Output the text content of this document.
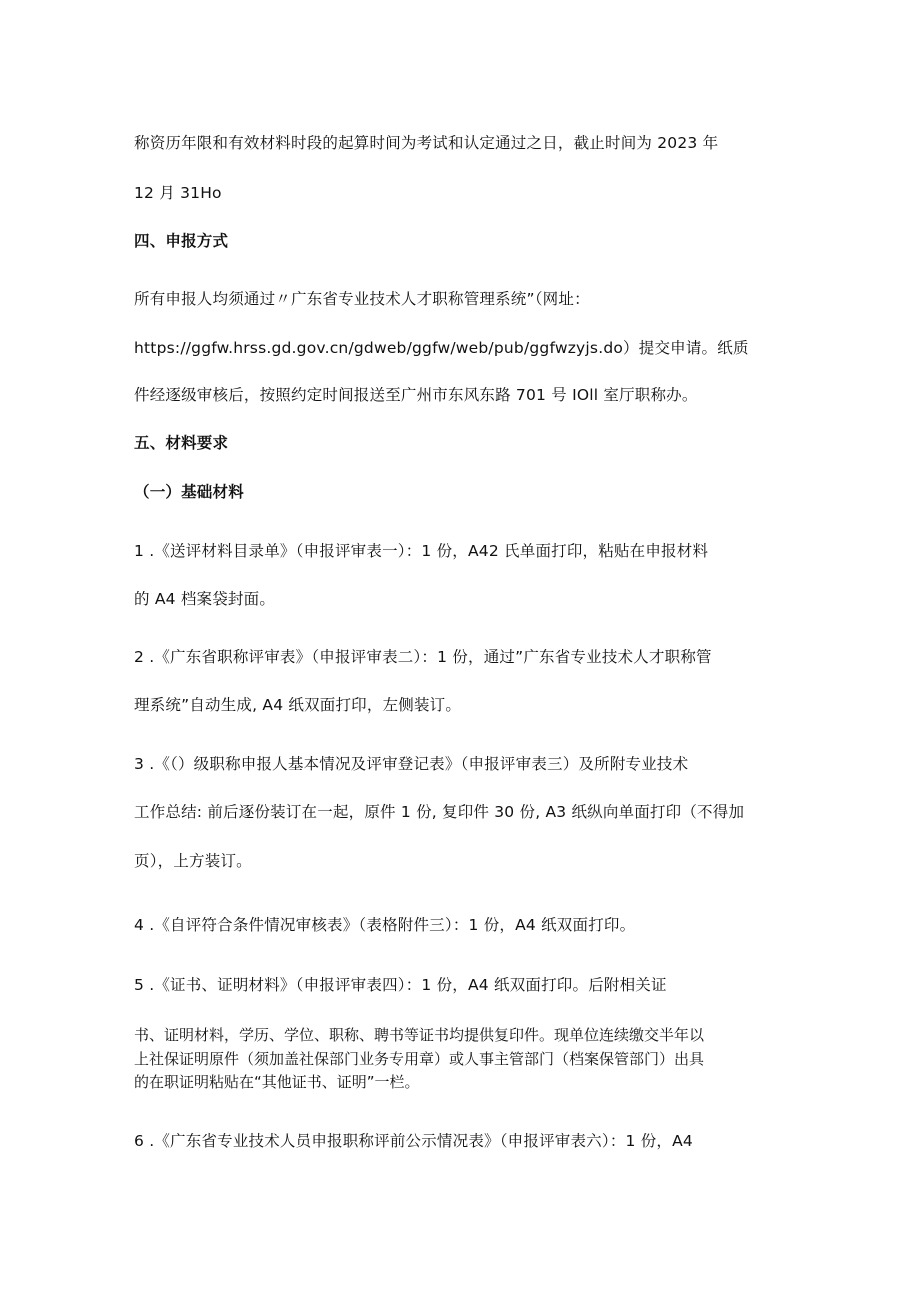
称资历年限和有效材料时段的起算时间为考试和认定通过之日，截止时间为 2023 年
12 月 31Ho
四、申报方式
所有申报人均须通过〃广东省专业技术人才职称管理系统”（网址：
https://ggfw.hrss.gd.gov.cn/gdweb/ggfw/web/pub/ggfwzyjs.do）提交申请。纸质
件经逐级审核后，按照约定时间报送至广州市东风东路 701 号 IOll 室厅职称办。
五、材料要求
（一）基础材料
1 .《送评材料目录单》（申报评审表一）：1 份，A42 氏单面打印，粘贴在申报材料
的 A4 档案袋封面。
2 .《广东省职称评审表》（申报评审表二）：1 份，通过”广东省专业技术人才职称管
理系统”自动生成, A4 纸双面打印，左侧装订。
3 .《（）级职称申报人基本情况及评审登记表》（申报评审表三）及所附专业技术
工作总结: 前后逐份装订在一起，原件 1 份, 复印件 30 份, A3 纸纵向单面打印（不得加
页），上方装订。
4 .《自评符合条件情况审核表》（表格附件三）：1 份，A4 纸双面打印。
5 .《证书、证明材料》（申报评审表四）：1 份，A4 纸双面打印。后附相关证
书、证明材料，学历、学位、职称、聘书等证书均提供复印件。现单位连续缴交半年以
上社保证明原件（须加盖社保部门业务专用章）或人事主管部门（档案保管部门）出具
的在职证明粘贴在“其他证书、证明”一栏。
6 .《广东省专业技术人员申报职称评前公示情况表》（申报评审表六）：1 份，A4
